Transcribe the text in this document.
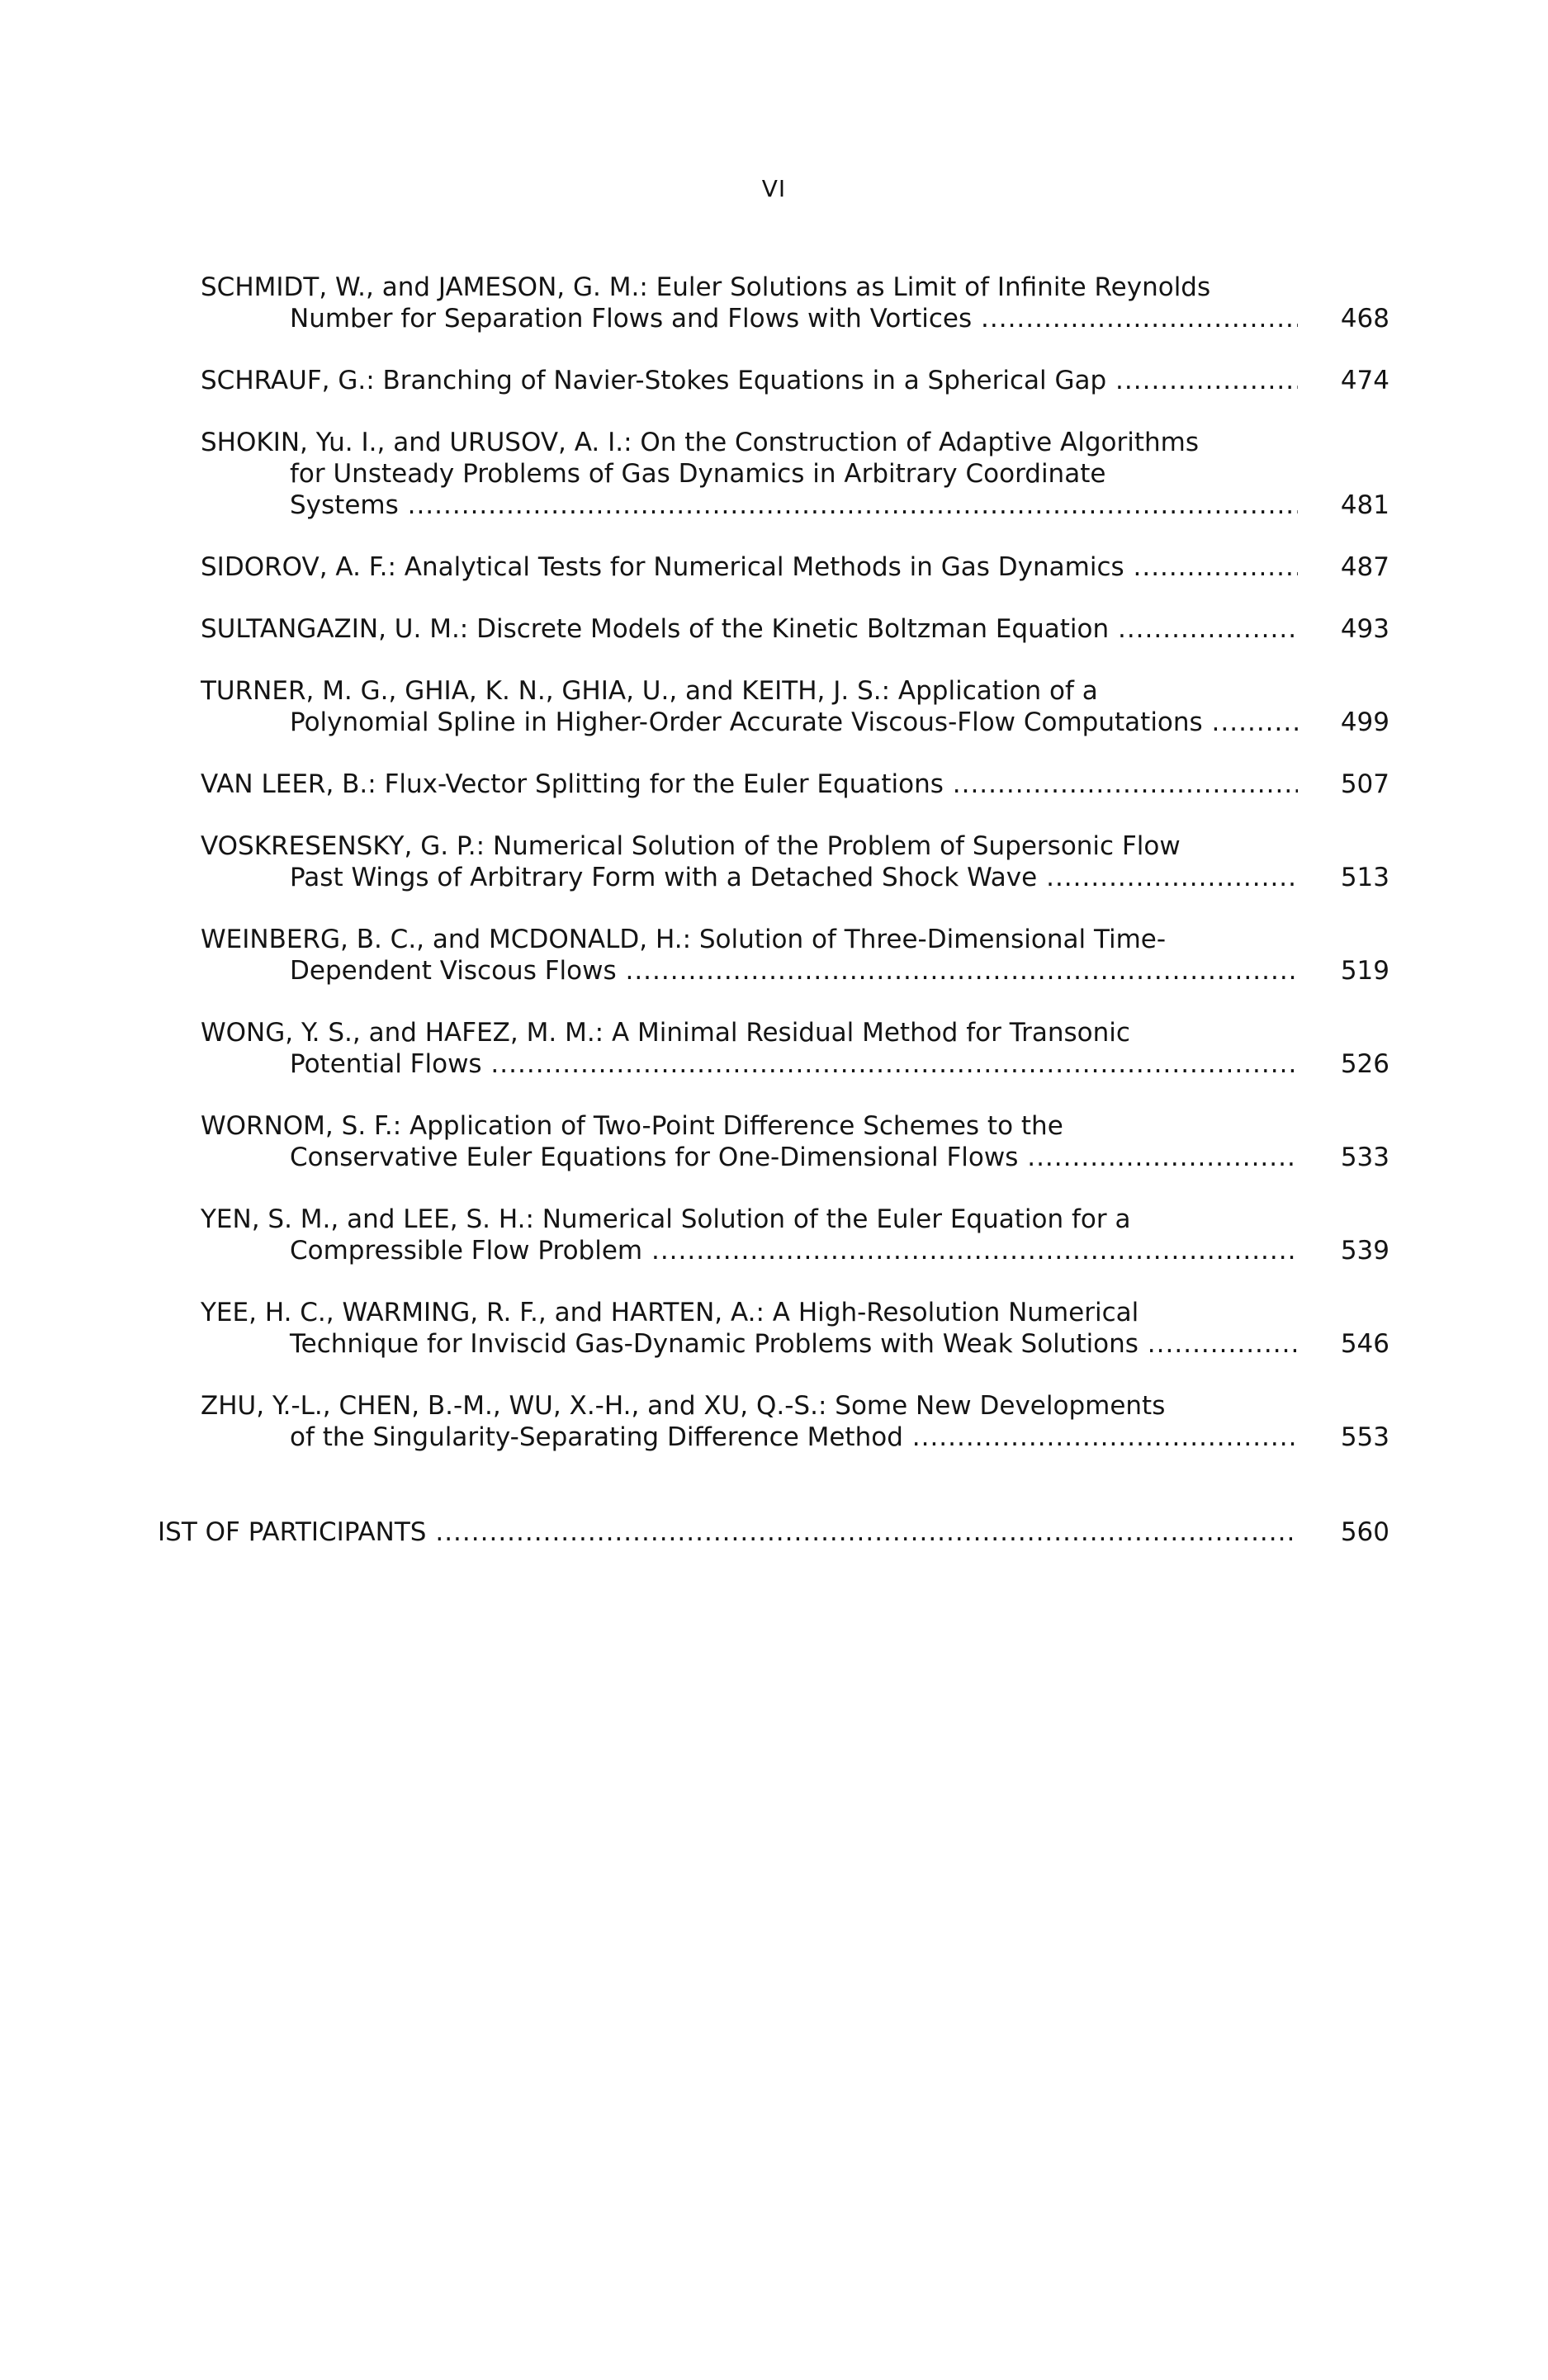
VI
SCHMIDT, W., and JAMESON, G. M.: Euler Solutions as Limit of Infinite Reynolds
Number for Separation Flows and Flows with Vortices .....	468
SCHRAUF, G.: Branching of Navier-Stokes Equations in a Spherical Gap .....	474
SHOKIN, Yu. I., and URUSOV, A. I.: On the Construction of Adaptive Algorithms
for Unsteady Problems of Gas Dynamics in Arbitrary Coordinate
Systems .....	481
SIDOROV, A. F.: Analytical Tests for Numerical Methods in Gas Dynamics .....	487
SULTANGAZIN, U. M.: Discrete Models of the Kinetic Boltzman Equation .....	493
TURNER, M. G., GHIA, K. N., GHIA, U., and KEITH, J. S.: Application of a
Polynomial Spline in Higher-Order Accurate Viscous-Flow Computations .....	499
VAN LEER, B.: Flux-Vector Splitting for the Euler Equations .....	507
VOSKRESENSKY, G. P.: Numerical Solution of the Problem of Supersonic Flow
Past Wings of Arbitrary Form with a Detached Shock Wave .....	513
WEINBERG, B. C., and MCDONALD, H.: Solution of Three-Dimensional Time-
Dependent Viscous Flows .....	519
WONG, Y. S., and HAFEZ, M. M.: A Minimal Residual Method for Transonic
Potential Flows .....	526
WORNOM, S. F.: Application of Two-Point Difference Schemes to the
Conservative Euler Equations for One-Dimensional Flows .....	533
YEN, S. M., and LEE, S. H.: Numerical Solution of the Euler Equation for a
Compressible Flow Problem .....	539
YEE, H. C., WARMING, R. F., and HARTEN, A.: A High-Resolution Numerical
Technique for Inviscid Gas-Dynamic Problems with Weak Solutions .....	546
ZHU, Y.-L., CHEN, B.-M., WU, X.-H., and XU, Q.-S.: Some New Developments
of the Singularity-Separating Difference Method .....	553
IST OF PARTICIPANTS .....	560
